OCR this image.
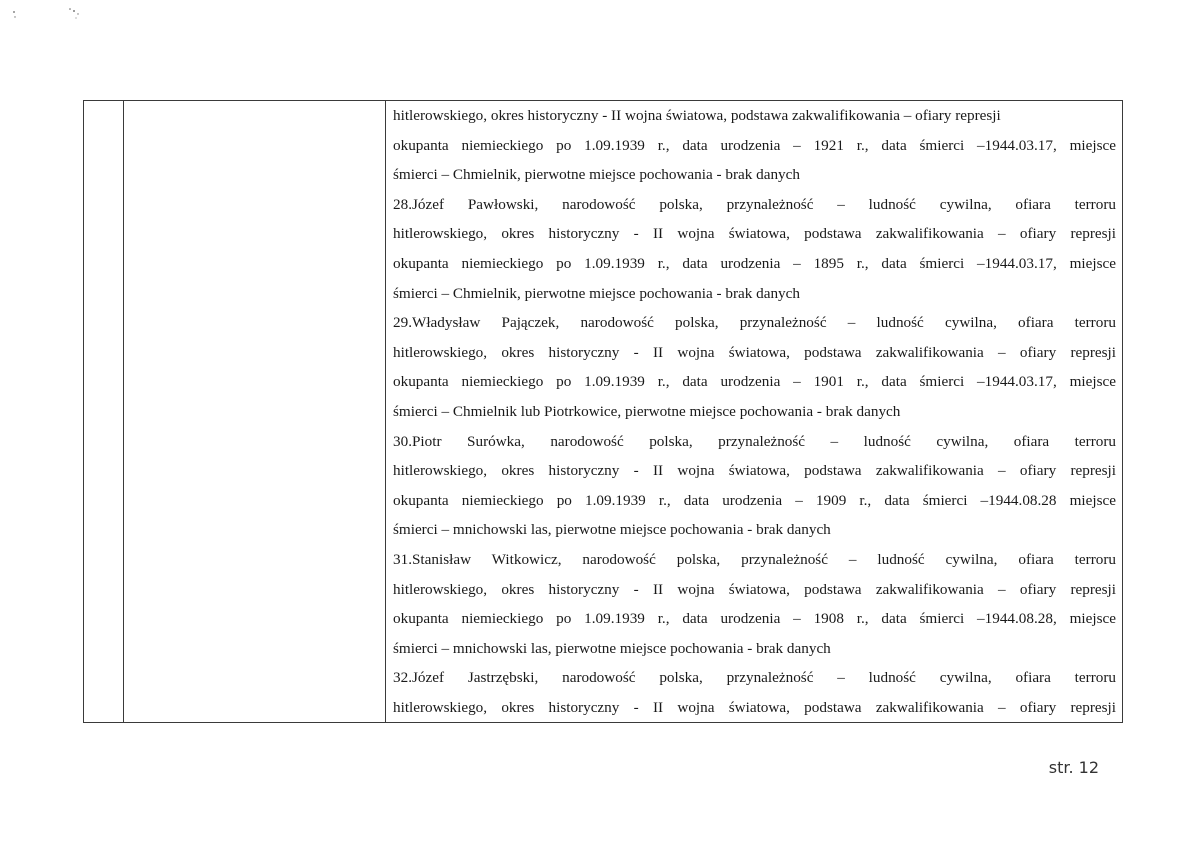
hitlerowskiego, okres historyczny - II wojna światowa, podstawa zakwalifikowania – ofiary represji
okupanta niemieckiego po 1.09.1939 r., data urodzenia – 1921 r., data śmierci –1944.03.17, miejsce
śmierci – Chmielnik, pierwotne miejsce pochowania - brak danych
28.Józef Pawłowski, narodowość polska, przynależność – ludność cywilna, ofiara terroru
hitlerowskiego, okres historyczny - II wojna światowa, podstawa zakwalifikowania – ofiary represji
okupanta niemieckiego po 1.09.1939 r., data urodzenia – 1895 r., data śmierci –1944.03.17, miejsce
śmierci – Chmielnik, pierwotne miejsce pochowania - brak danych
29.Władysław Pajączek, narodowość polska, przynależność – ludność cywilna, ofiara terroru
hitlerowskiego, okres historyczny - II wojna światowa, podstawa zakwalifikowania – ofiary represji
okupanta niemieckiego po 1.09.1939 r., data urodzenia – 1901 r., data śmierci –1944.03.17, miejsce
śmierci – Chmielnik lub Piotrkowice, pierwotne miejsce pochowania - brak danych
30.Piotr Surówka, narodowość polska, przynależność – ludność cywilna, ofiara terroru
hitlerowskiego, okres historyczny - II wojna światowa, podstawa zakwalifikowania – ofiary represji
okupanta niemieckiego po 1.09.1939 r., data urodzenia – 1909 r., data śmierci –1944.08.28 miejsce
śmierci – mnichowski las, pierwotne miejsce pochowania - brak danych
31.Stanisław Witkowicz, narodowość polska, przynależność – ludność cywilna, ofiara terroru
hitlerowskiego, okres historyczny - II wojna światowa, podstawa zakwalifikowania – ofiary represji
okupanta niemieckiego po 1.09.1939 r., data urodzenia – 1908 r., data śmierci –1944.08.28, miejsce
śmierci – mnichowski las, pierwotne miejsce pochowania - brak danych
32.Józef Jastrzębski, narodowość polska, przynależność – ludność cywilna, ofiara terroru
hitlerowskiego, okres historyczny - II wojna światowa, podstawa zakwalifikowania – ofiary represji
str. 12
